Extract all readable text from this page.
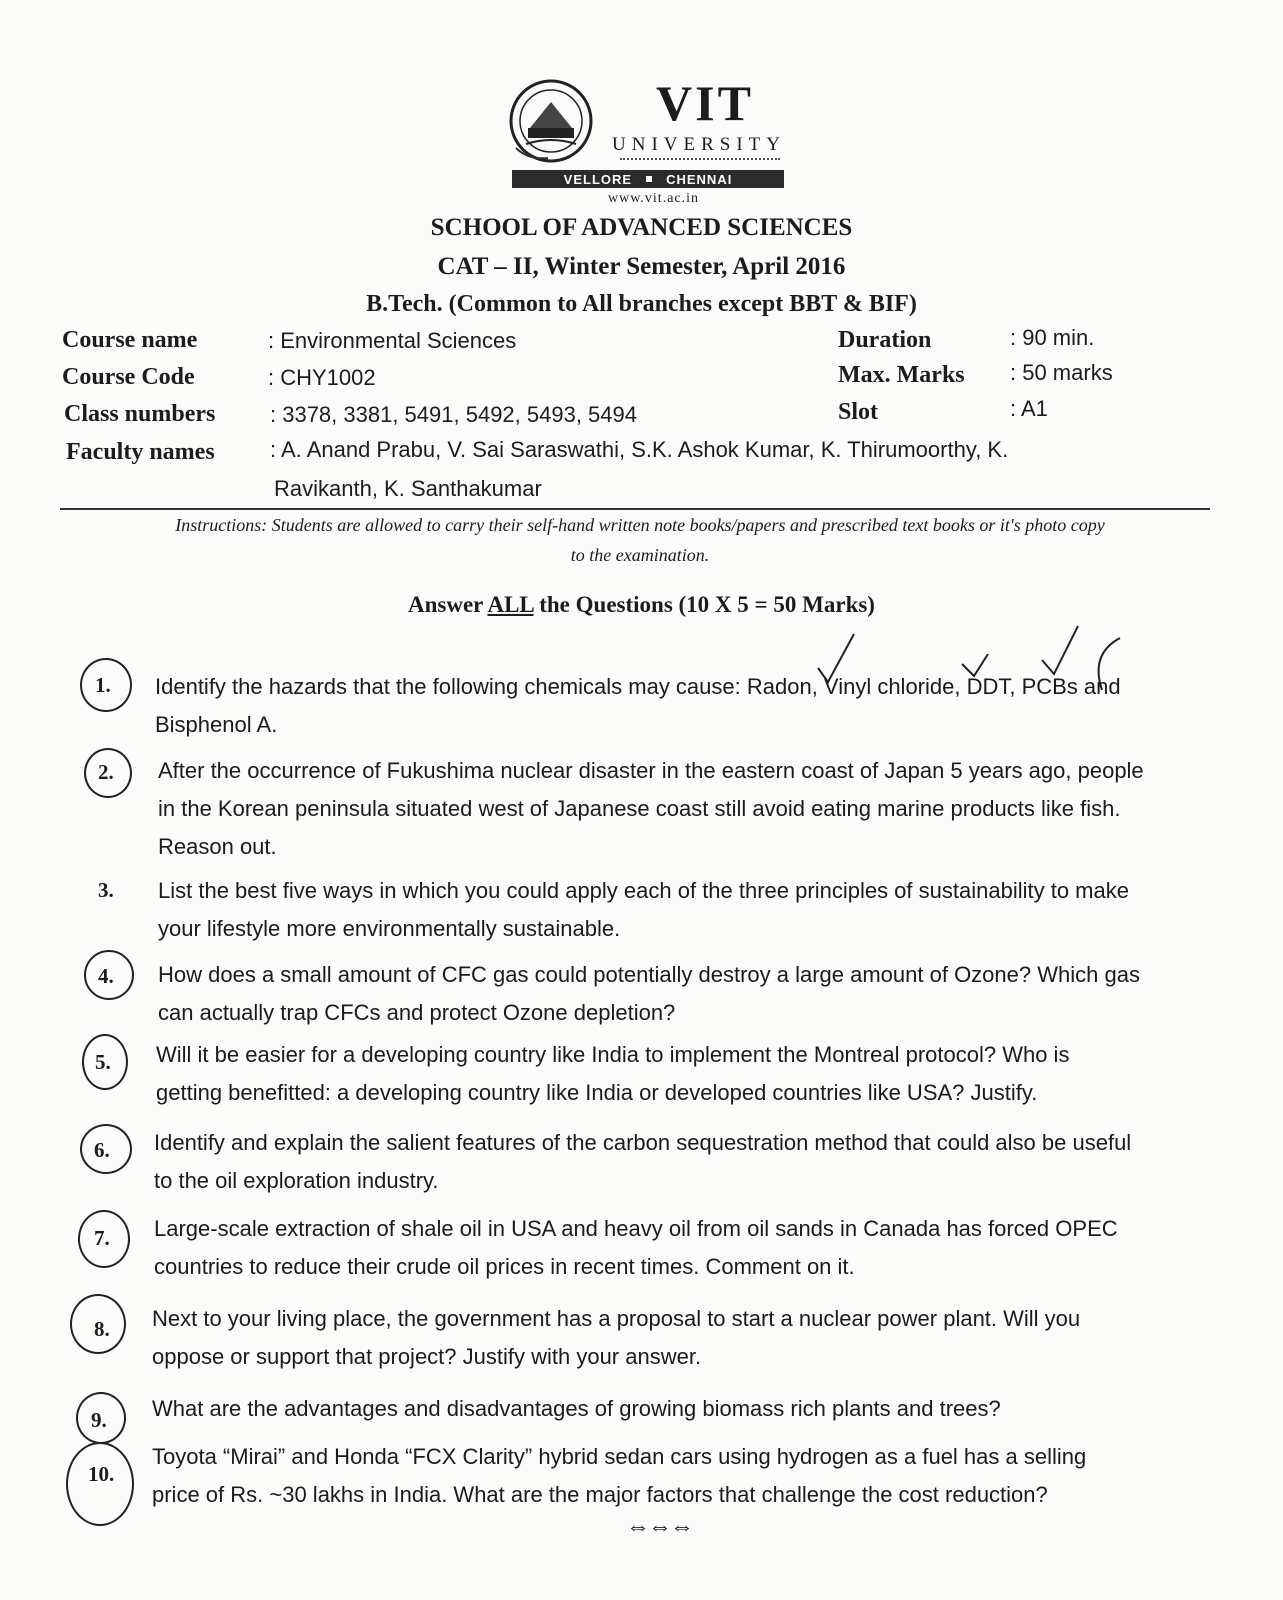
VIT
UNIVERSITY
VELLORE	CHENNAI
www.vit.ac.in
SCHOOL OF ADVANCED SCIENCES
CAT – II, Winter Semester, April 2016
B.Tech. (Common to All branches except BBT & BIF)
Course name	: Environmental Sciences
Course Code	: CHY1002
Class numbers : 3378, 3381, 5491, 5492, 5493, 5494
Faculty names	: A. Anand Prabu, V. Sai Saraswathi, S.K. Ashok Kumar, K. Thirumoorthy, K.
Ravikanth, K. Santhakumar
Duration	: 90 min.
Max. Marks : 50 marks
Slot	: A1
Instructions: Students are allowed to carry their self-hand written note books/papers and prescribed text books or it's photo copy
to the examination.
Answer ALL the Questions (10 X 5 = 50 Marks)
1. Identify the hazards that the following chemicals may cause: Radon, Vinyl chloride, DDT, PCBs and
Bisphenol A.
2. After the occurrence of Fukushima nuclear disaster in the eastern coast of Japan 5 years ago, people
in the Korean peninsula situated west of Japanese coast still avoid eating marine products like fish.
Reason out.
3. List the best five ways in which you could apply each of the three principles of sustainability to make
your lifestyle more environmentally sustainable.
4. How does a small amount of CFC gas could potentially destroy a large amount of Ozone? Which gas
can actually trap CFCs and protect Ozone depletion?
5. Will it be easier for a developing country like India to implement the Montreal protocol? Who is
getting benefitted: a developing country like India or developed countries like USA? Justify.
6. Identify and explain the salient features of the carbon sequestration method that could also be useful
to the oil exploration industry.
7. Large-scale extraction of shale oil in USA and heavy oil from oil sands in Canada has forced OPEC
countries to reduce their crude oil prices in recent times. Comment on it.
8. Next to your living place, the government has a proposal to start a nuclear power plant. Will you
oppose or support that project? Justify with your answer.
9. What are the advantages and disadvantages of growing biomass rich plants and trees?
10.
Toyota “Mirai” and Honda “FCX Clarity” hybrid sedan cars using hydrogen as a fuel has a selling
price of Rs. ~30 lakhs in India. What are the major factors that challenge the cost reduction?
⇔⇔⇔
